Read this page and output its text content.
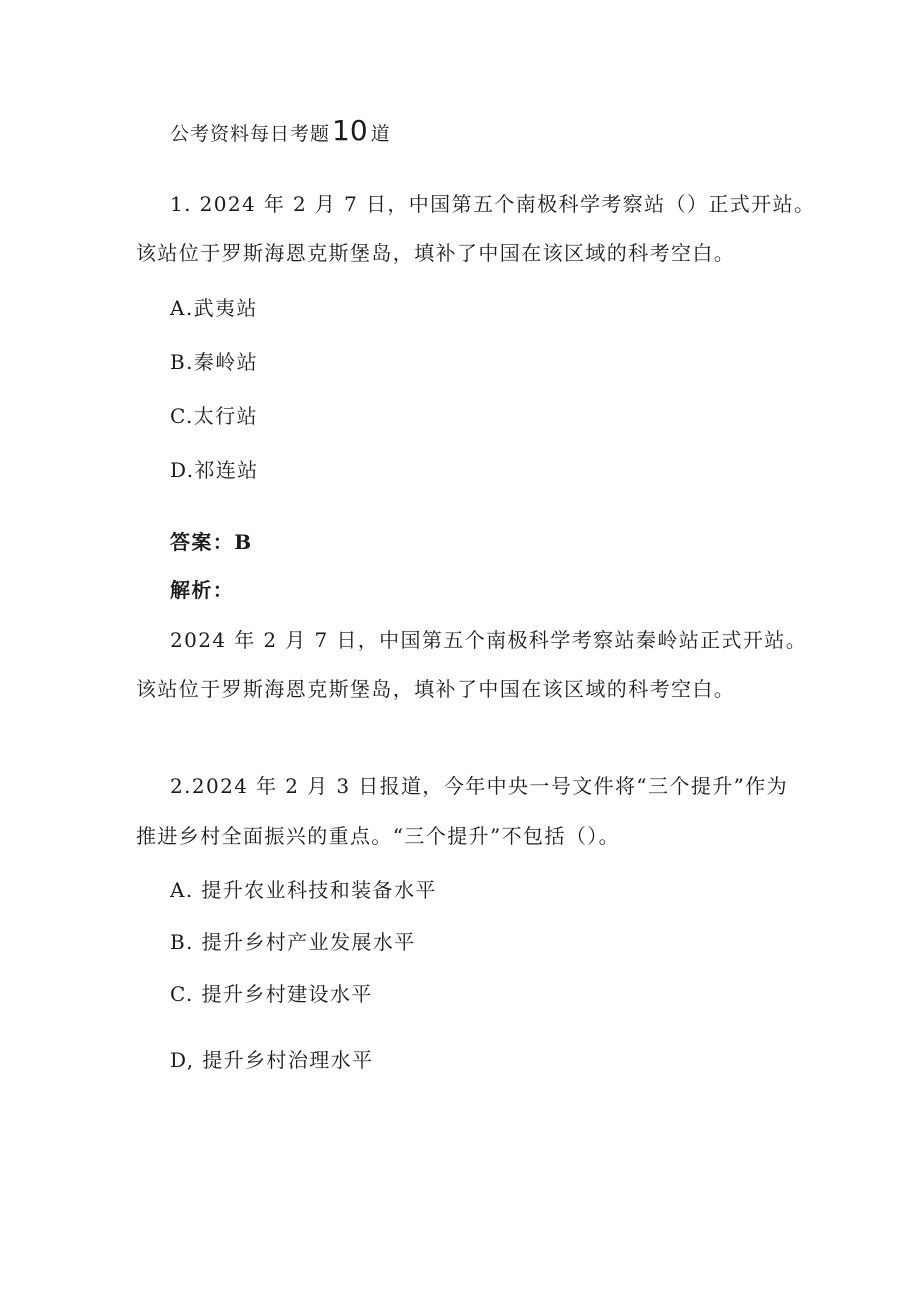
公考资料每日考题10 道
1. 2024 年 2 月 7 日，中国第五个南极科学考察站（）正式开站。
该站位于罗斯海恩克斯堡岛，填补了中国在该区域的科考空白。
A.武夷站
B.秦岭站
C.太行站
D.祁连站
答案：B
解析：
2024 年 2 月 7 日，中国第五个南极科学考察站秦岭站正式开站。
该站位于罗斯海恩克斯堡岛，填补了中国在该区域的科考空白。
2.2024 年 2 月 3 日报道，今年中央一号文件将“三个提升”作为
推进乡村全面振兴的重点。“三个提升”不包括（）。
A. 提升农业科技和装备水平
B. 提升乡村产业发展水平
C. 提升乡村建设水平
D, 提升乡村治理水平
